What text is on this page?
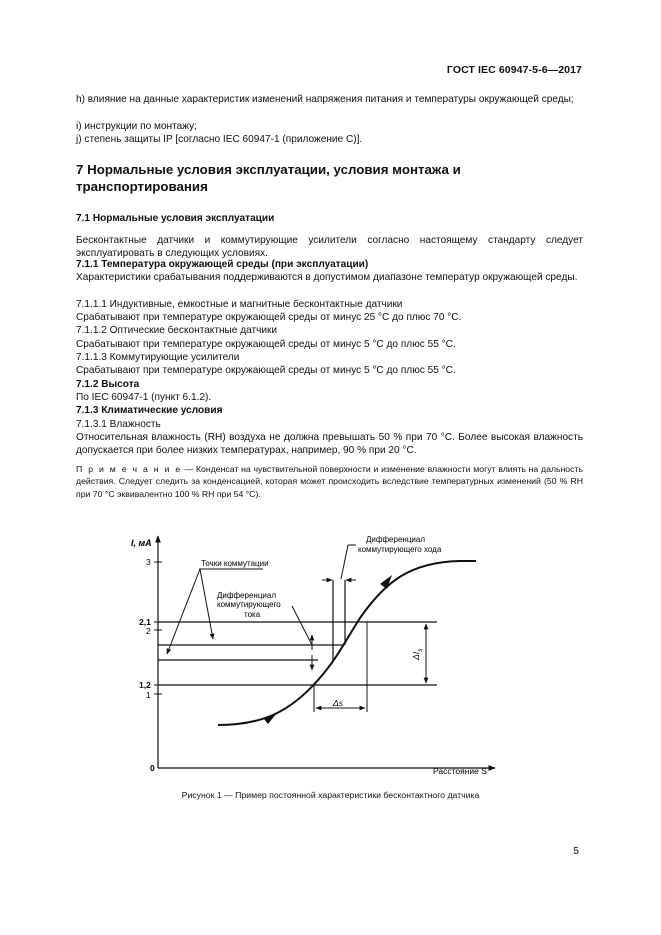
ГОСТ IEC 60947-5-6—2017
h) влияние на данные характеристик изменений напряжения питания и температуры окружающей среды;
i) инструкции по монтажу;
j) степень защиты IP [согласно IEC 60947-1 (приложение С)].
7 Нормальные условия эксплуатации, условия монтажа и транспортирования
7.1 Нормальные условия эксплуатации
Бесконтактные датчики и коммутирующие усилители согласно настоящему стандарту следует эксплуатировать в следующих условиях.
7.1.1 Температура окружающей среды (при эксплуатации)
Характеристики срабатывания поддерживаются в допустимом диапазоне температур окружающей среды.
7.1.1.1 Индуктивные, емкостные и магнитные бесконтактные датчики
Срабатывают при температуре окружающей среды от минус 25 °С до плюс 70 °С.
7.1.1.2 Оптические бесконтактные датчики
Срабатывают при температуре окружающей среды от минус 5 °С до плюс 55 °С.
7.1.1.3 Коммутирующие усилители
Срабатывают при температуре окружающей среды от минус 5 °С до плюс 55 °С.
7.1.2 Высота
По IEC 60947-1 (пункт 6.1.2).
7.1.3 Климатические условия
7.1.3.1 Влажность
Относительная влажность (RH) воздуха не должна превышать 50 % при 70 °С. Более высокая влажность допускается при более низких температурах, например, 90 % при 20 °С.
П р и м е ч а н и е — Конденсат на чувствительной поверхности и изменение влажности могут влиять на дальность действия. Следует следить за конденсацией, которая может происходить вследствие температурных изменений (50 % RH при 70 °С эквивалентно 100 % RH при 54 °С).
I, мА
0	Расстояние S
3
2,1
2
1,2
1
Точки коммутации
Дифференциал
коммутирующего
тока
Дифференциал
коммутирующего хода
Δs
$\Delta I_s$
Рисунок 1 — Пример постоянной характеристики бесконтактного датчика
5
